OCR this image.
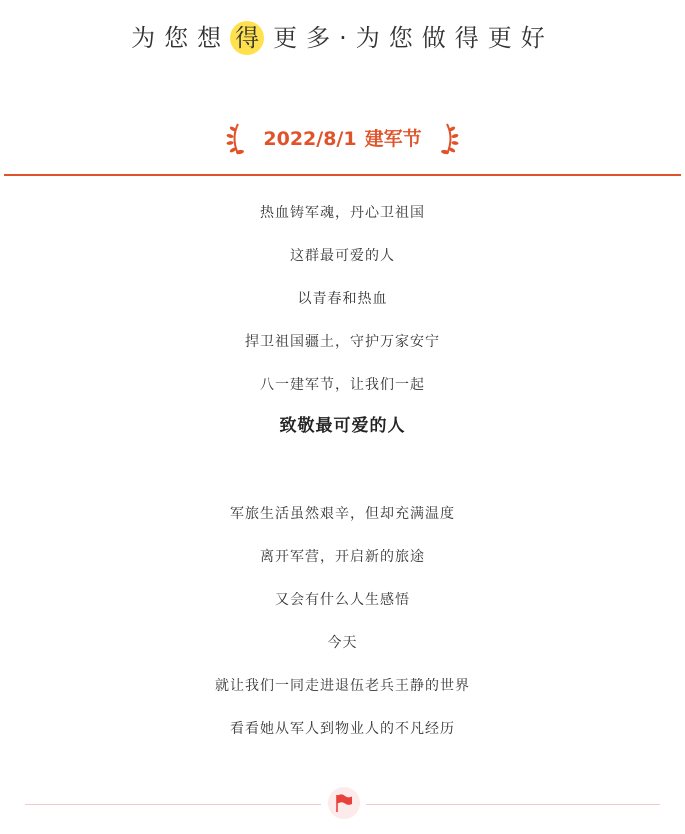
为您想 得 更多·为您做得更好
2022/8/1 建军节
热血铸军魂，丹心卫祖国
这群最可爱的人
以青春和热血
捍卫祖国疆土，守护万家安宁
八一建军节，让我们一起
致敬最可爱的人
军旅生活虽然艰辛，但却充满温度
离开军营，开启新的旅途
又会有什么人生感悟
今天
就让我们一同走进退伍老兵王静的世界
看看她从军人到物业人的不凡经历
